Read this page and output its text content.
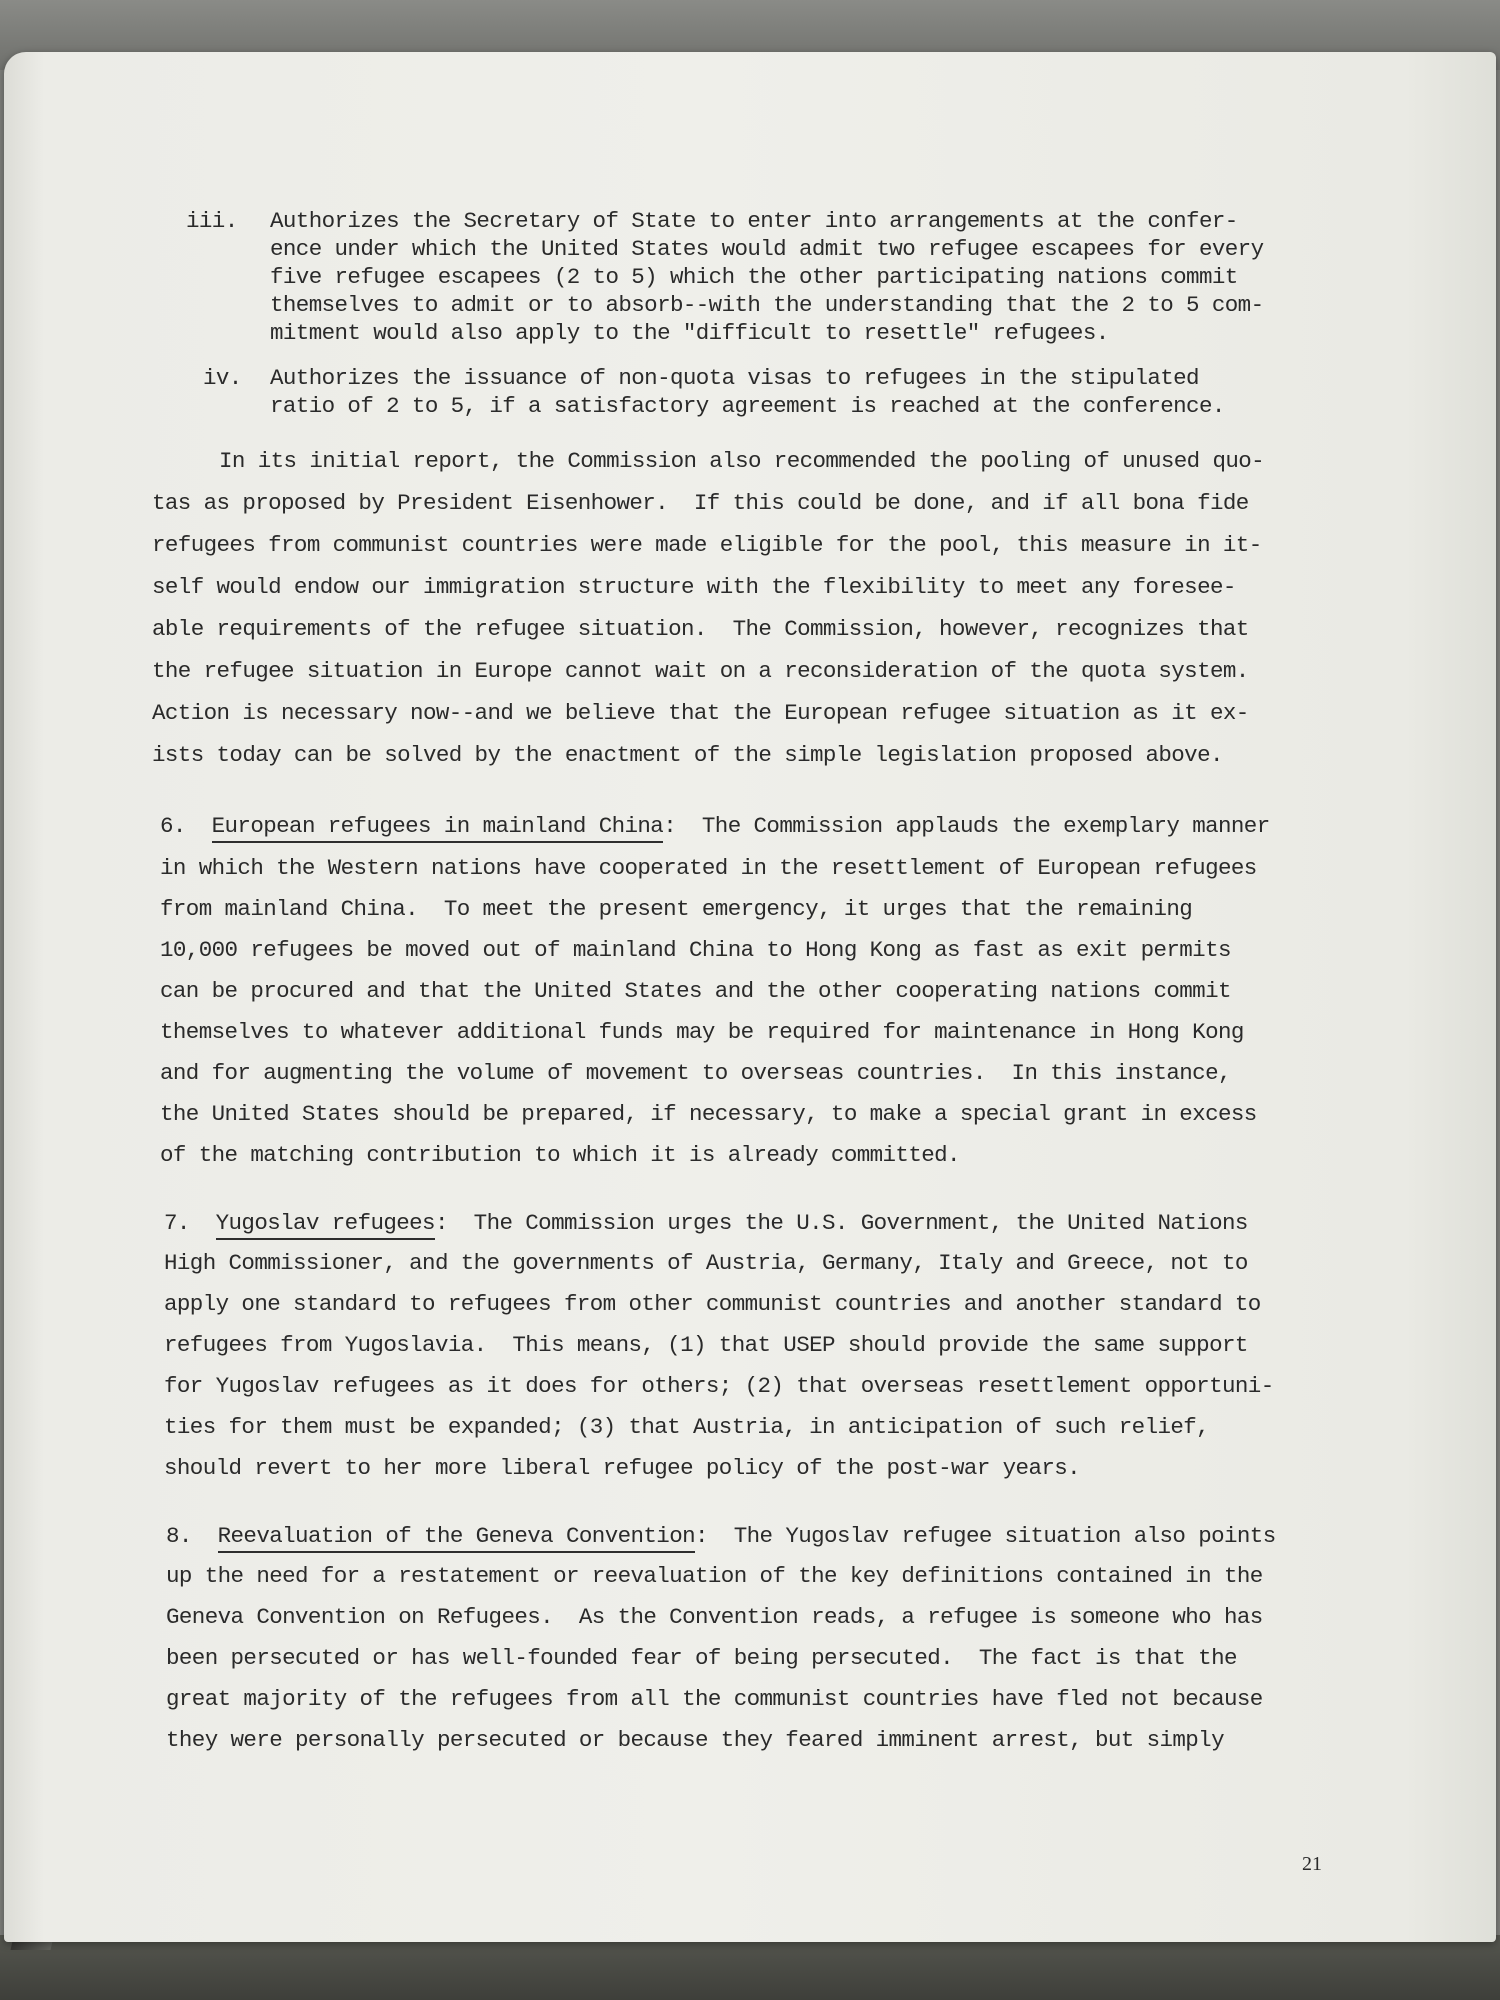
iii. Authorizes the Secretary of State to enter into arrangements at the confer-
ence under which the United States would admit two refugee escapees for every
five refugee escapees (2 to 5) which the other participating nations commit
themselves to admit or to absorb--with the understanding that the 2 to 5 com-
mitment would also apply to the "difficult to resettle" refugees.
iv. Authorizes the issuance of non-quota visas to refugees in the stipulated
ratio of 2 to 5, if a satisfactory agreement is reached at the conference.
In its initial report, the Commission also recommended the pooling of unused quo-
tas as proposed by President Eisenhower.  If this could be done, and if all bona fide
refugees from communist countries were made eligible for the pool, this measure in it-
self would endow our immigration structure with the flexibility to meet any foresee-
able requirements of the refugee situation.  The Commission, however, recognizes that
the refugee situation in Europe cannot wait on a reconsideration of the quota system.
Action is necessary now--and we believe that the European refugee situation as it ex-
ists today can be solved by the enactment of the simple legislation proposed above.
6. European refugees in mainland China:  The Commission applauds the exemplary manner
in which the Western nations have cooperated in the resettlement of European refugees
from mainland China.  To meet the present emergency, it urges that the remaining
10,000 refugees be moved out of mainland China to Hong Kong as fast as exit permits
can be procured and that the United States and the other cooperating nations commit
themselves to whatever additional funds may be required for maintenance in Hong Kong
and for augmenting the volume of movement to overseas countries.  In this instance,
the United States should be prepared, if necessary, to make a special grant in excess
of the matching contribution to which it is already committed.
7. Yugoslav refugees:  The Commission urges the U.S. Government, the United Nations
High Commissioner, and the governments of Austria, Germany, Italy and Greece, not to
apply one standard to refugees from other communist countries and another standard to
refugees from Yugoslavia.  This means, (1) that USEP should provide the same support
for Yugoslav refugees as it does for others; (2) that overseas resettlement opportuni-
ties for them must be expanded; (3) that Austria, in anticipation of such relief,
should revert to her more liberal refugee policy of the post-war years.
8. Reevaluation of the Geneva Convention:  The Yugoslav refugee situation also points
up the need for a restatement or reevaluation of the key definitions contained in the
Geneva Convention on Refugees.  As the Convention reads, a refugee is someone who has
been persecuted or has well-founded fear of being persecuted.  The fact is that the
great majority of the refugees from all the communist countries have fled not because
they were personally persecuted or because they feared imminent arrest, but simply
21
